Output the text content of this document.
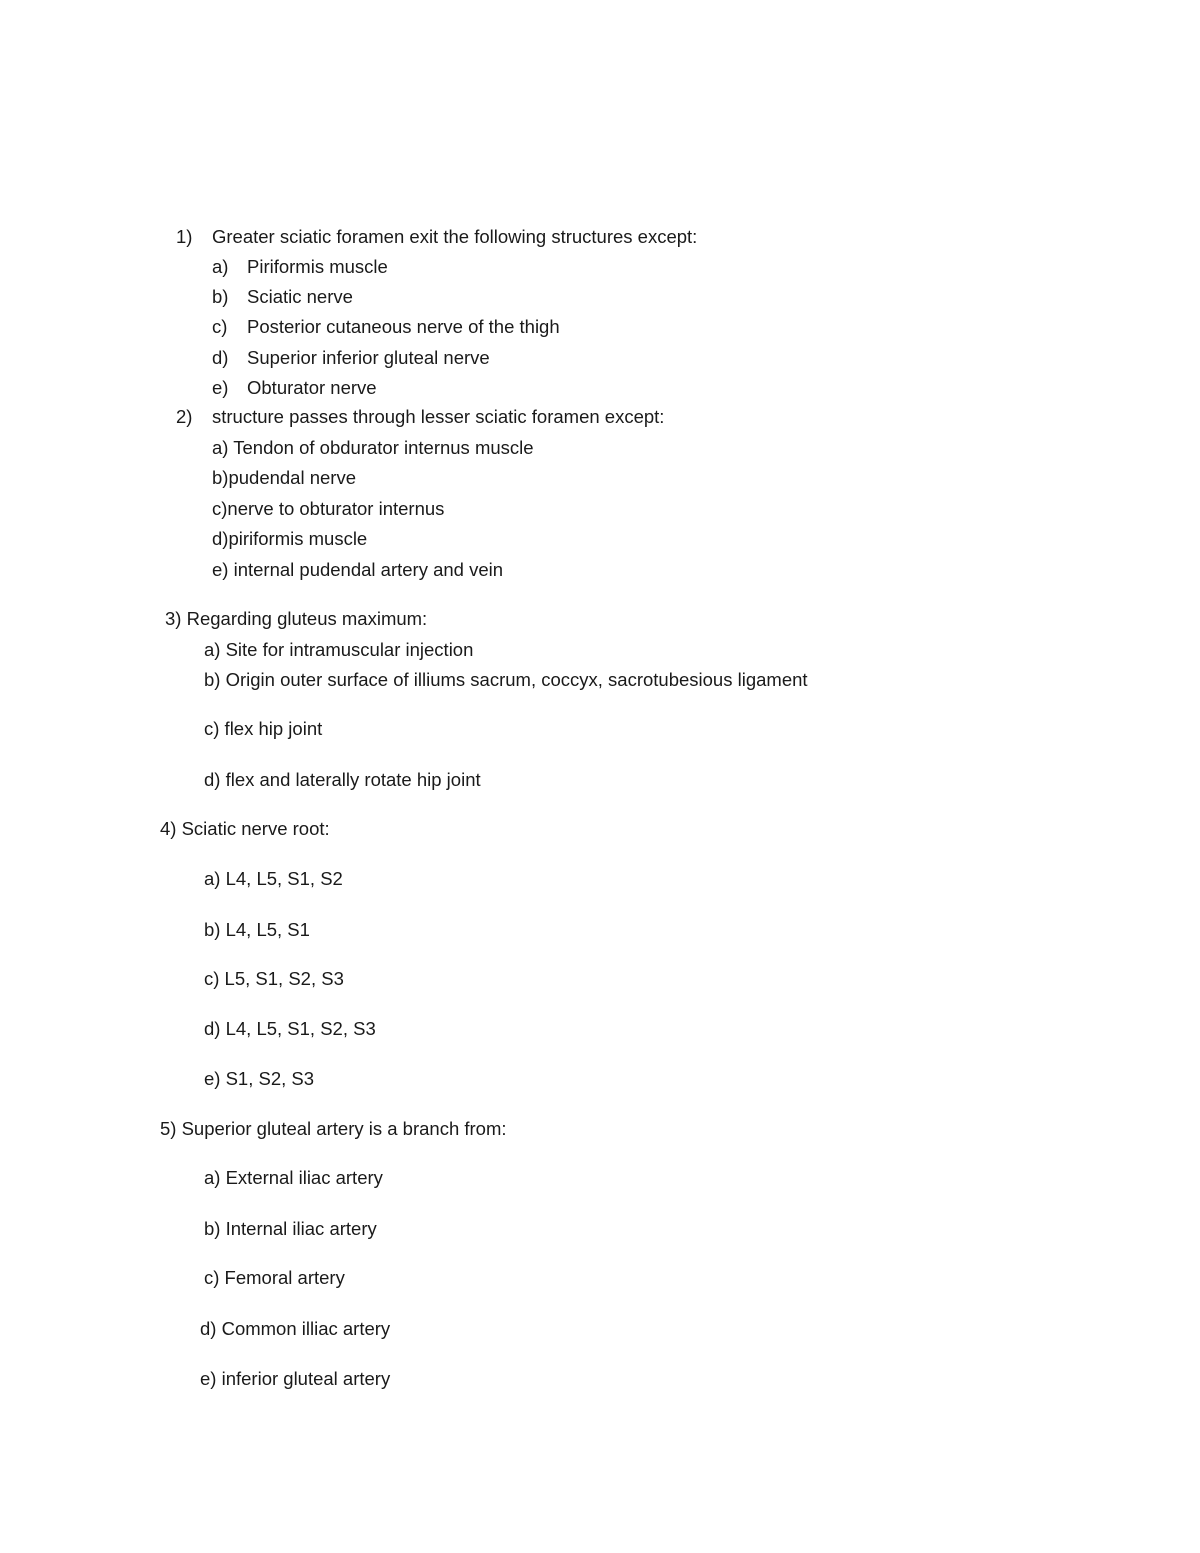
1) Greater sciatic foramen exit the following structures except:
a) Piriformis muscle
b) Sciatic nerve
c) Posterior cutaneous nerve of the thigh
d) Superior inferior gluteal nerve
e) Obturator nerve
2) structure passes through lesser sciatic foramen except:
a) Tendon of obdurator internus muscle
b)pudendal nerve
c)nerve to obturator internus
d)piriformis muscle
e) internal pudendal artery and vein
3) Regarding gluteus maximum:
a) Site for intramuscular injection
b) Origin outer surface of illiums sacrum, coccyx, sacrotubesious ligament
c) flex hip joint
d) flex and laterally rotate hip joint
4) Sciatic nerve root:
a) L4, L5, S1, S2
b) L4, L5, S1
c) L5, S1, S2, S3
d) L4, L5, S1, S2, S3
e) S1, S2, S3
5) Superior gluteal artery is a branch from:
a) External iliac artery
b) Internal iliac artery
c) Femoral artery
d) Common illiac artery
e) inferior gluteal artery
